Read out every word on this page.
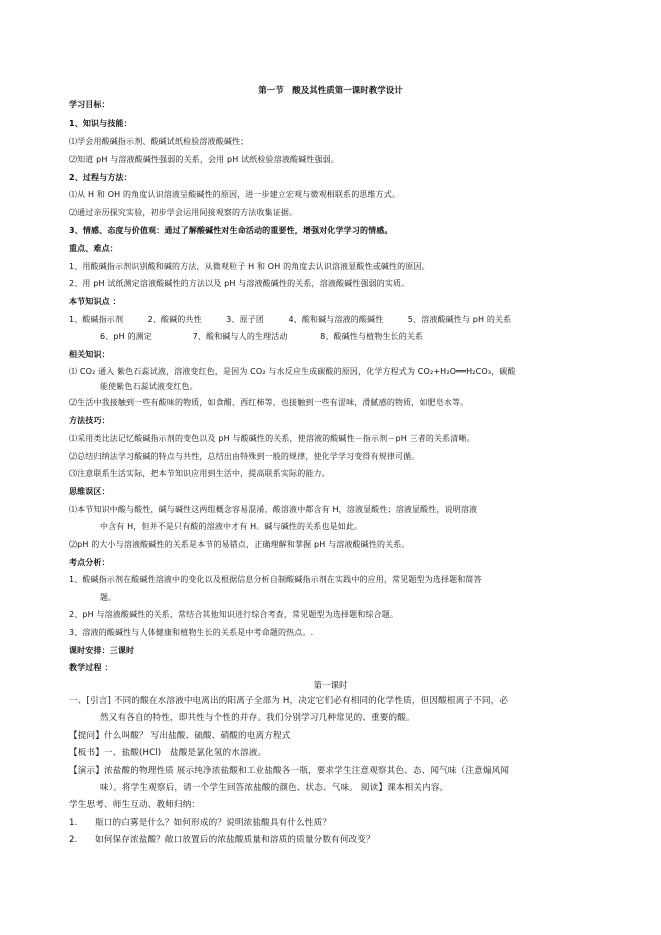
第一节　酸及其性质第一课时教学设计
学习目标：
1、知识与技能：
⑴学会用酸碱指示剂、酸碱试纸检验溶液酸碱性；
⑵知道 pH 与溶液酸碱性强弱的关系，会用 pH 试纸检验溶液酸碱性强弱。
2、过程与方法：
⑴从 H 和 OH 的角度认识溶液呈酸碱性的原因，进一步建立宏观与微观相联系的思维方式。
⑵通过亲历探究实验，初步学会运用间接观察的方法收集证据。
3、情感、态度与价值观：通过了解酸碱性对生命活动的重要性，增强对化学学习的情感。
重点、难点：
1、用酸碱指示剂识别酸和碱的方法，从微观粒子 H 和 OH 的角度去认识溶液显酸性或碱性的原因。
2、用 pH 试纸测定溶液酸碱性的方法以及 pH 与溶液酸碱性的关系，溶液酸碱性强弱的实质。
本节知识点 ：
1、酸碱指示剂　　　2、酸碱的共性　　　3、原子团　　　4、酸和碱与溶液的酸碱性　　　5、溶液酸碱性与 pH 的关系
6、pH 的测定　　　　　7、酸和碱与人的生理活动　　　　8、酸碱性与植物生长的关系
相关知识：
⑴ CO₂ 通入 紫色石蕊试液，溶液变红色，是因为 CO₂ 与水反应生成碳酸的原因，化学方程式为 CO₂+H₂O══H₂CO₃，碳酸
能使紫色石蕊试液变红色。
⑵生活中我接触到一些有酸味的物质，如食醋、西红柿等，也接触到一些有涩味，滑腻感的物质，如肥皂水等。
方法技巧：
⑴采用类比法记忆酸碱指示剂的变色以及 pH 与酸碱性的关系，使溶液的酸碱性－指示剂－pH 三者的关系清晰。
⑵总结归纳法学习酸碱的特点与共性，总结出由特殊到一般的规律，使化学学习变得有规律可循。
⑶注意联系生活实际，把本节知识应用到生活中，提高联系实际的能力。
思维误区：
⑴本节知识中酸与酸性，碱与碱性这两组概念容易混淆，酸溶液中都含有 H，溶液显酸性；溶液显酸性，说明溶液
中含有 H，但并不是只有酸的溶液中才有 H。碱与碱性的关系也是如此。
⑵pH 的大小与溶液酸碱性的关系是本节的易错点，正确理解和掌握 pH 与溶液酸碱性的关系。
考点分析：
1、酸碱指示剂在酸碱性溶液中的变化以及根据信息分析自制酸碱指示剂在实践中的应用，常见题型为选择题和简答
题。
2、pH 与溶液酸碱性的关系，常结合其他知识进行综合考查，常见题型为选择题和综合题。
3、溶液的酸碱性与人体健康和植物生长的关系是中考命题的热点。.
课时安排：三课时
教学过程 ：
第一课时
一、[引言] 不同的酸在水溶液中电离出的阳离子全部为 H，决定它们必有相同的化学性质，但因酸根离子不同，必
然又有各自的特性，即共性与个性的并存。我们分别学习几种常见的、重要的酸。
【提问】什么叫酸？ 写出盐酸、硫酸、硝酸的电离方程式
【板书】一、盐酸(HCl)　盐酸是氯化氢的水溶液。
【演示】浓盐酸的物理性质 展示纯净浓盐酸和工业盐酸各一瓶，要求学生注意观察其色、态、闻气味（注意煽风闻
味）。将学生观察后，请一个学生回答浓盐酸的颜色、状态、气味。 阅读】课本相关内容。
学生思考、师生互动、教师归纳：
1.　　瓶口的白雾是什么？如何形成的？说明浓盐酸具有什么性质？
2.　　如何保存浓盐酸？敞口放置后的浓盐酸质量和溶质的质量分数有何改变？
